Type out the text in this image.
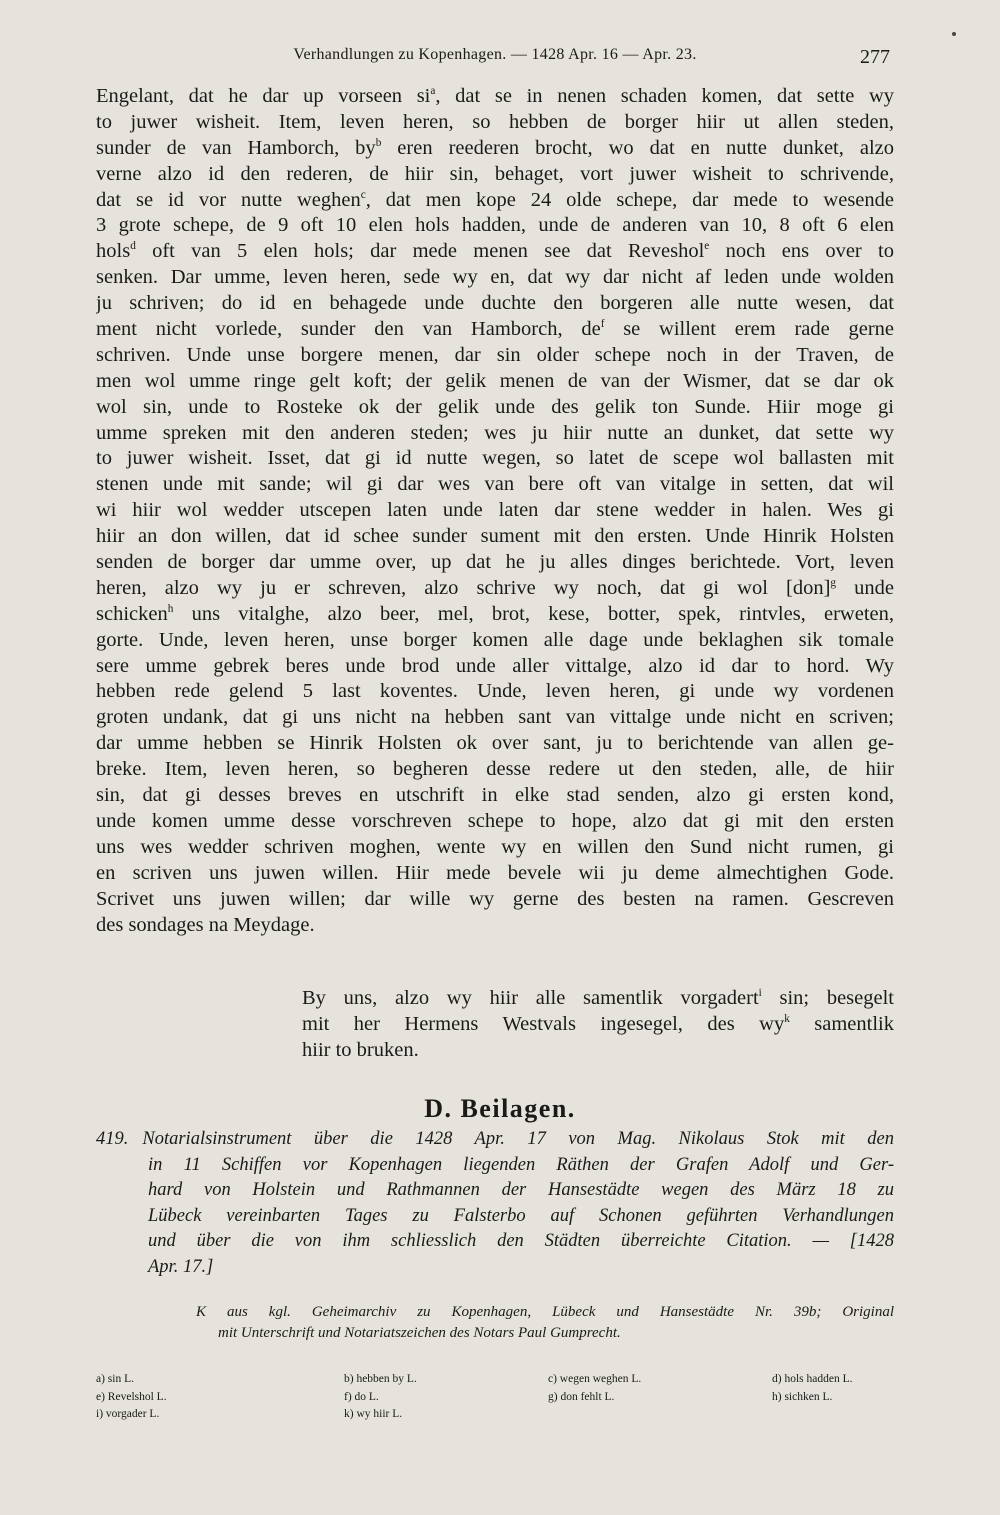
Verhandlungen zu Kopenhagen. — 1428 Apr. 16 — Apr. 23.	277
Engelant, dat he dar up vorseen $si^a$, dat se in nenen schaden komen, dat sette wy
to juwer wisheit. Item, leven heren, so hebben de borger hiir ut allen steden,
sunder de van Hamborch, $by^b$ eren reederen brocht, wo dat en nutte dunket, alzo
verne alzo id den rederen, de hiir sin, behaget, vort juwer wisheit to schrivende,
dat se id vor nutte weghen$^c$, dat men kope 24 olde schepe, dar mede to wesende
3 grote schepe, de 9 oft 10 elen hols hadden, unde de anderen van 10, 8 oft 6 elen
hols$^d$ oft van 5 elen hols; dar mede menen see dat Reveshol$^e$ noch ens over to
senken. Dar umme, leven heren, sede wy en, dat wy dar nicht af leden unde wolden
ju schriven; do id en behagede unde duchte den borgeren alle nutte wesen, dat
ment nicht vorlede, sunder den van Hamborch, $de^f$ se willent erem rade gerne
schriven. Unde unse borgere menen, dar sin older schepe noch in der Traven, de
men wol umme ringe gelt koft; der gelik menen de van der Wismer, dat se dar ok
wol sin, unde to Rosteke ok der gelik unde des gelik ton Sunde. Hiir moge gi
umme spreken mit den anderen steden; wes ju hiir nutte an dunket, dat sette wy
to juwer wisheit. Isset, dat gi id nutte wegen, so latet de scepe wol ballasten mit
stenen unde mit sande; wil gi dar wes van bere oft van vitalge in setten, dat wil
wi hiir wol wedder utscepen laten unde laten dar stene wedder in halen. Wes gi
hiir an don willen, dat id schee sunder sument mit den ersten. Unde Hinrik Holsten
senden de borger dar umme over, up dat he ju alles dinges berichtede. Vort, leven
heren, alzo wy ju er schreven, alzo schrive wy noch, dat gi wol [don]$^g$ unde
schicken$^h$ uns vitalghe, alzo beer, mel, brot, kese, botter, spek, rintvles, erweten,
gorte. Unde, leven heren, unse borger komen alle dage unde beklaghen sik tomale
sere umme gebrek beres unde brod unde aller vittalge, alzo id dar to hord. Wy
hebben rede gelend 5 last koventes. Unde, leven heren, gi unde wy vordenen
groten undank, dat gi uns nicht na hebben sant van vittalge unde nicht en scriven;
dar umme hebben se Hinrik Holsten ok over sant, ju to berichtende van allen ge-
breke. Item, leven heren, so begheren desse redere ut den steden, alle, de hiir
sin, dat gi desses breves en utschrift in elke stad senden, alzo gi ersten kond,
unde komen umme desse vorschreven schepe to hope, alzo dat gi mit den ersten
uns wes wedder schriven moghen, wente wy en willen den Sund nicht rumen, gi
en scriven uns juwen willen. Hiir mede bevele wii ju deme almechtighen Gode.
Scrivet uns juwen willen; dar wille wy gerne des besten na ramen. Gescreven
des sondages na Meydage.
By uns, alzo wy hiir alle samentlik vorgadert$^i$ sin; besegelt
mit her Hermens Westvals ingesegel, des $wy^k$ samentlik
hiir to bruken.
D. Beilagen.
419. Notarialsinstrument über die 1428 Apr. 17 von Mag. Nikolaus Stok mit den
in 11 Schiffen vor Kopenhagen liegenden Räthen der Grafen Adolf und Ger-
hard von Holstein und Rathmannen der Hansestädte wegen des März 18 zu
Lübeck vereinbarten Tages zu Falsterbo auf Schonen geführten Verhandlungen
und über die von ihm schliesslich den Städten überreichte Citation. — [1428
Apr. 17.]
K aus kgl. Geheimarchiv zu Kopenhagen, Lübeck und Hansestädte Nr. 39b; Original
mit Unterschrift und Notariatszeichen des Notars Paul Gumprecht.
a) sin L.	b) hebben by L.	c) wegen weghen L.	d) hols hadden L.
e) Revelshol L.	f) do L.	g) don fehlt L.	h) sichken L.
i) vorgader L.	k) wy hiir L.
